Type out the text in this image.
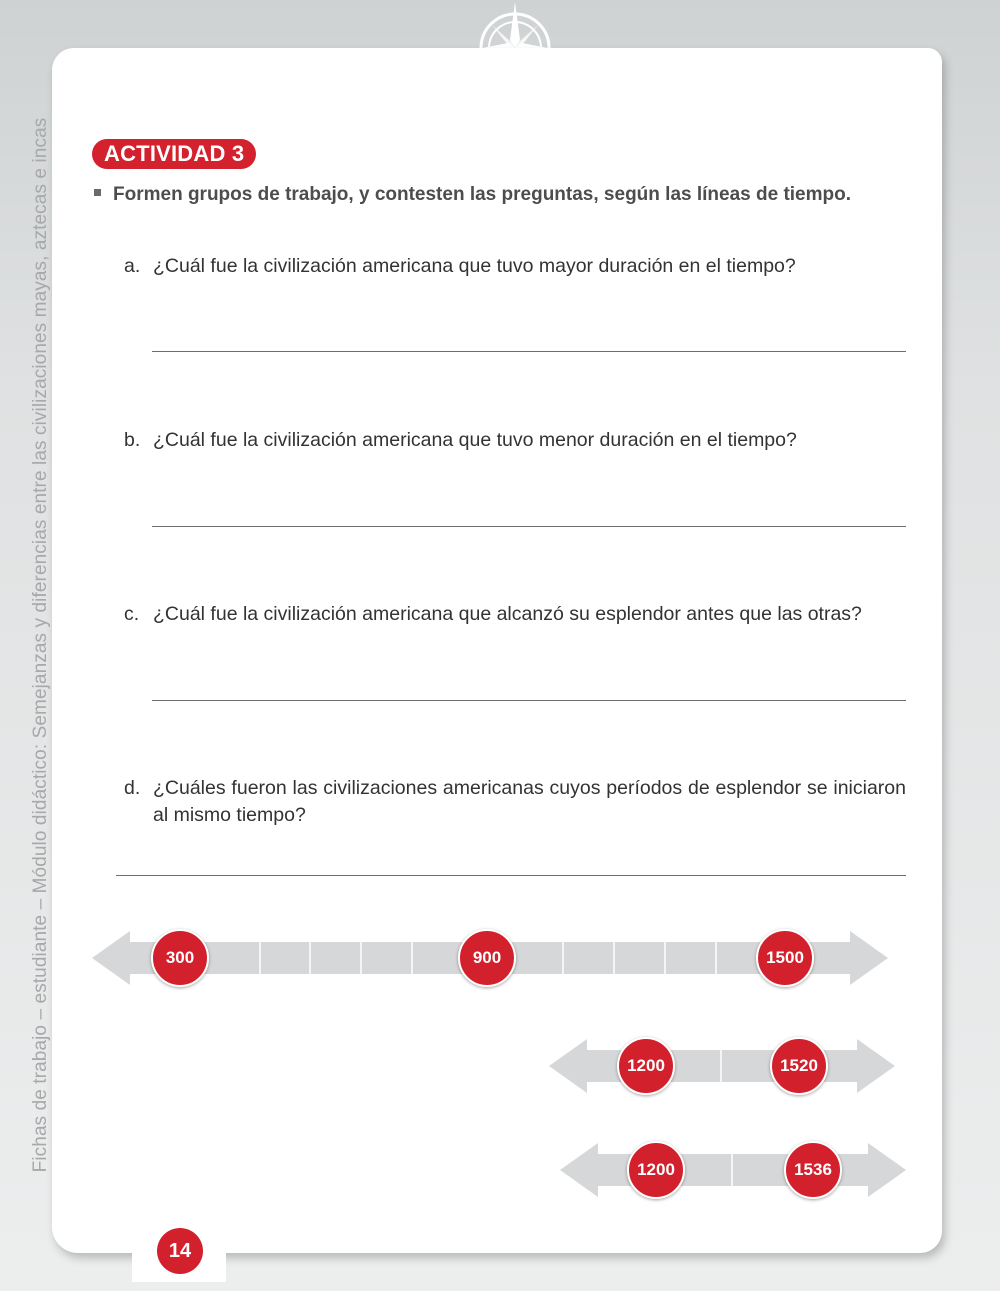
Fichas de trabajo – estudiante – Módulo didáctico: Semejanzas y diferencias entre las civilizaciones mayas, aztecas e incas	ACTIVIDAD 3
Formen grupos de trabajo, y contesten las preguntas, según las líneas de tiempo.
a. ¿Cuál fue la civilización americana que tuvo mayor duración en el tiempo?
b. ¿Cuál fue la civilización americana que tuvo menor duración en el tiempo?
c. ¿Cuál fue la civilización americana que alcanzó su esplendor antes que las otras?
d. ¿Cuáles fueron las civilizaciones americanas cuyos períodos de esplendor se iniciaron al mismo tiempo?
300	900	1500
1200	1520
1200	1536
14
